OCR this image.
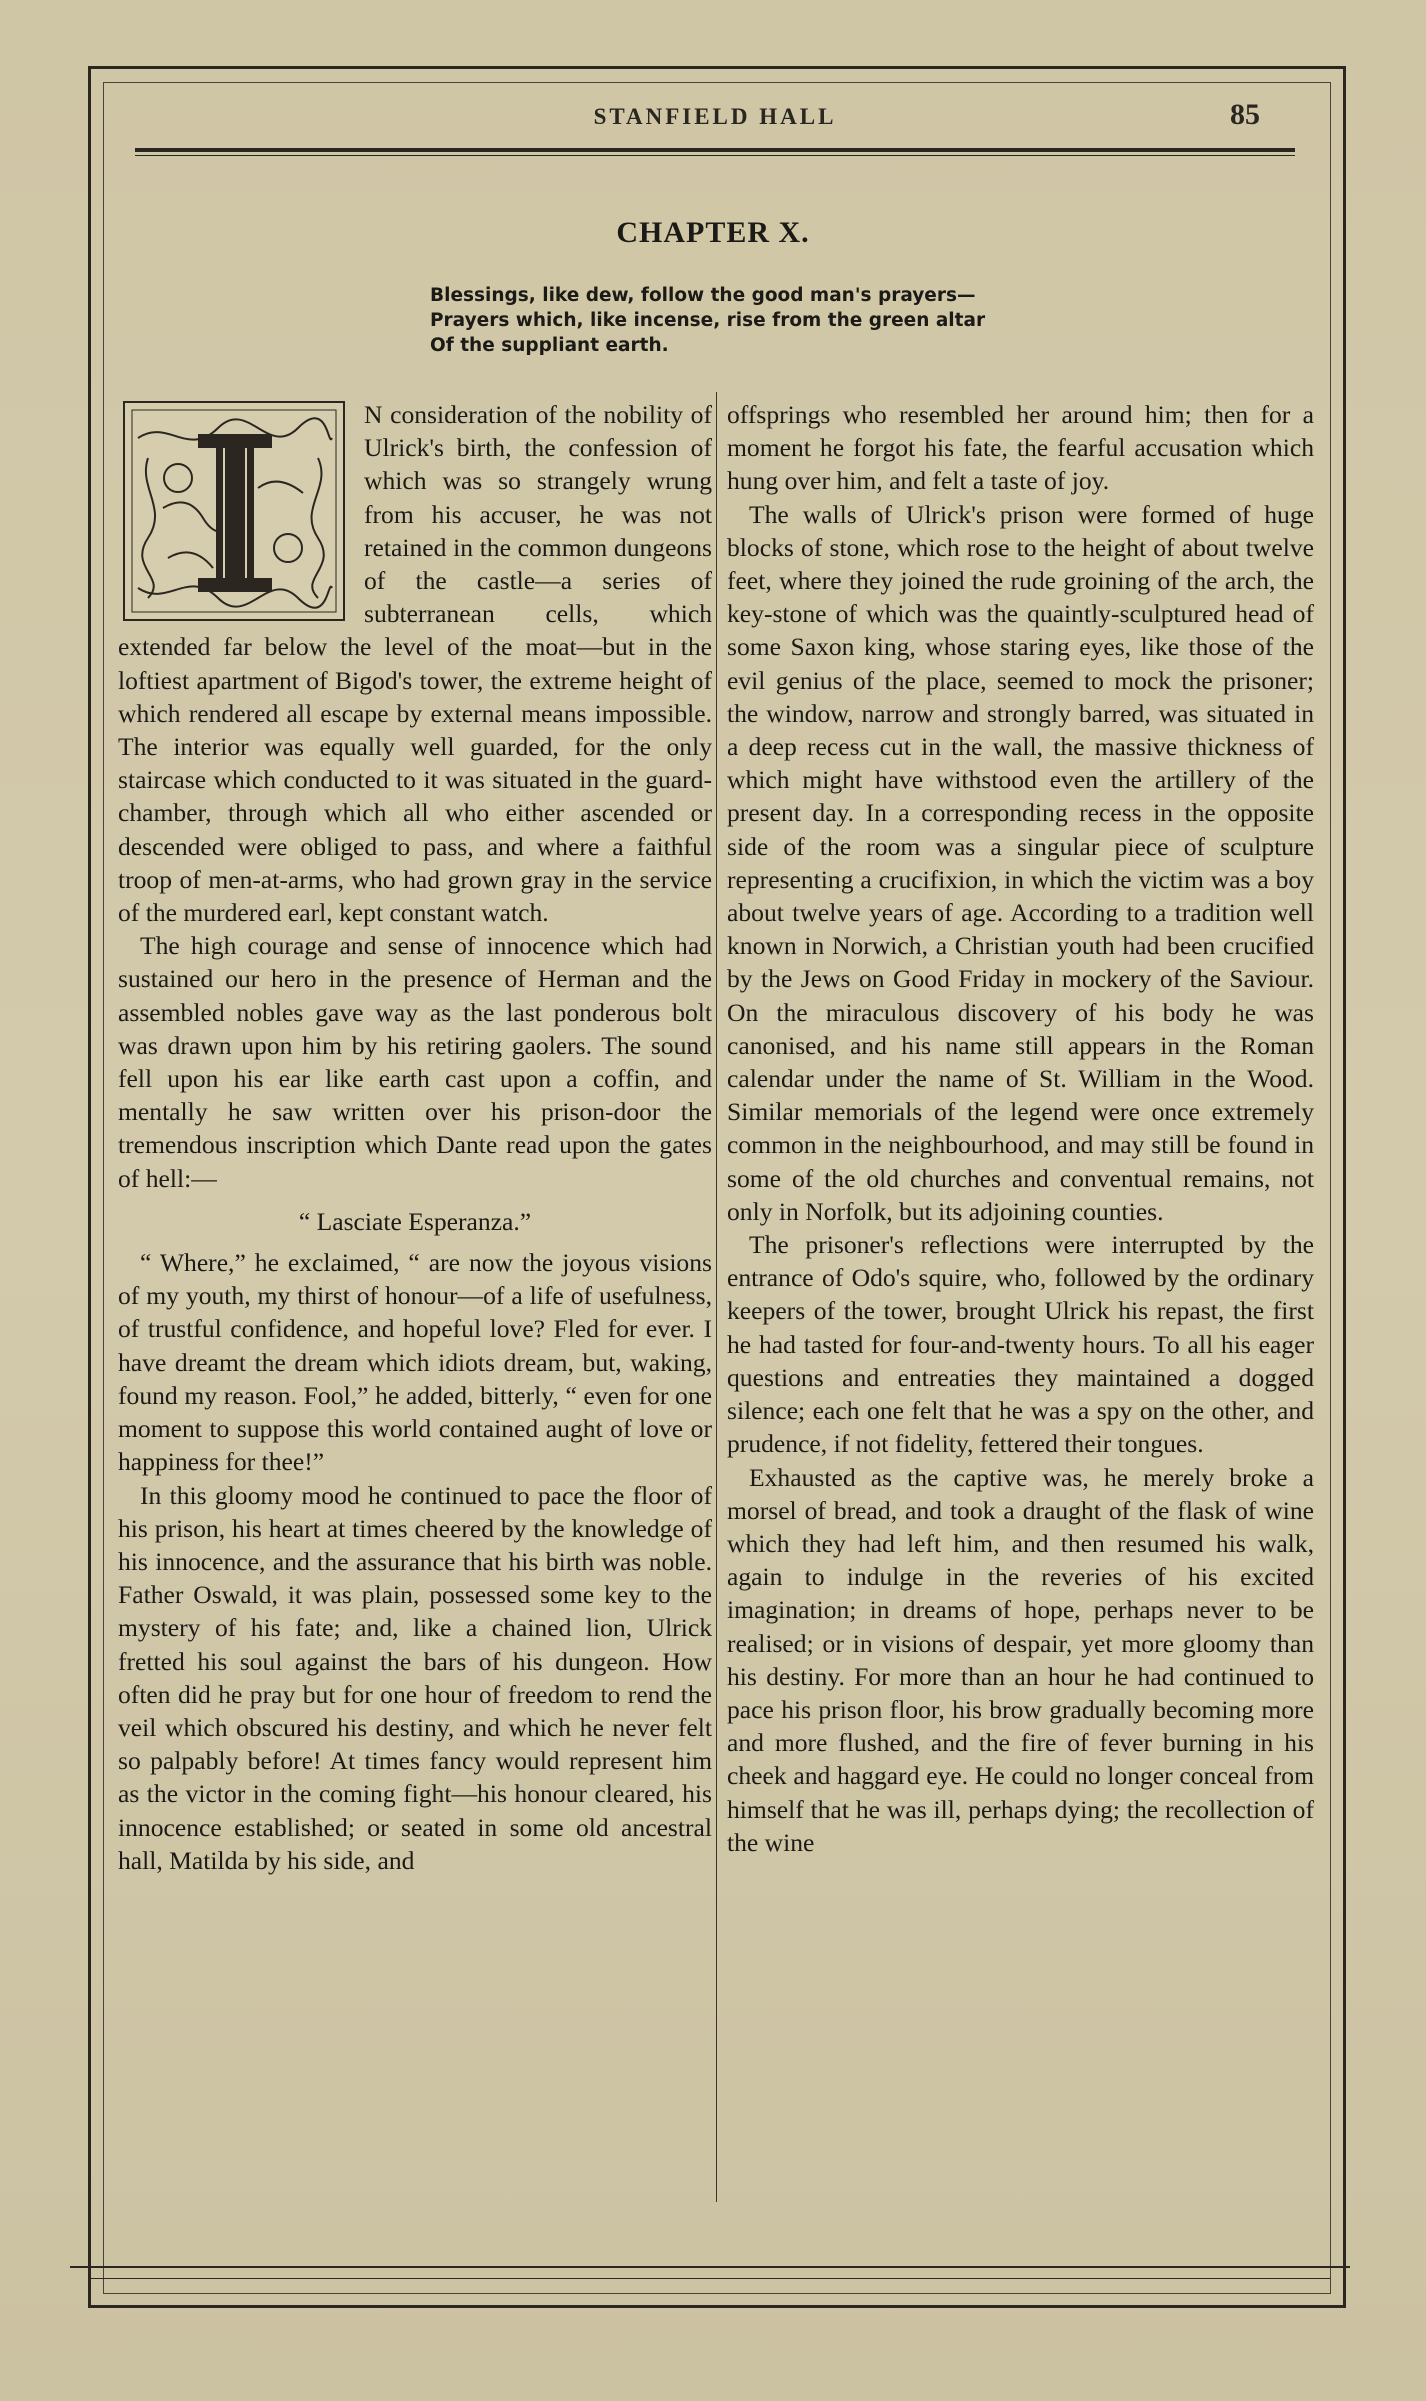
STANFIELD HALL	85
CHAPTER X.
Blessings, like dew, follow the good man's prayers—
Prayers which, like incense, rise from the green altar
Of the suppliant earth.

N consideration of the nobility of Ulrick's birth, the confession of which was so strangely wrung from his accuser, he was not retained in the common dungeons of the castle—a series of subterranean cells, which extended far below the level of the moat—but in the loftiest apartment of Bigod's tower, the extreme height of which rendered all escape by external means impossible. The interior was equally well guarded, for the only staircase which conducted to it was situated in the guard-chamber, through which all who either ascended or descended were obliged to pass, and where a faithful troop of men-at-arms, who had grown gray in the service of the murdered earl, kept constant watch.

The high courage and sense of innocence which had sustained our hero in the presence of Herman and the assembled nobles gave way as the last ponderous bolt was drawn upon him by his retiring gaolers. The sound fell upon his ear like earth cast upon a coffin, and mentally he saw written over his prison-door the tremendous inscription which Dante read upon the gates of hell:—

“ Lasciate Esperanza.”

“ Where,” he exclaimed, “ are now the joyous visions of my youth, my thirst of honour—of a life of usefulness, of trustful confidence, and hopeful love? Fled for ever. I have dreamt the dream which idiots dream, but, waking, found my reason. Fool,” he added, bitterly, “ even for one moment to suppose this world contained aught of love or happiness for thee!”

In this gloomy mood he continued to pace the floor of his prison, his heart at times cheered by the knowledge of his innocence, and the assurance that his birth was noble. Father Oswald, it was plain, possessed some key to the mystery of his fate; and, like a chained lion, Ulrick fretted his soul against the bars of his dungeon. How often did he pray but for one hour of freedom to rend the veil which obscured his destiny, and which he never felt so palpably before! At times fancy would represent him as the victor in the coming fight—his honour cleared, his innocence established; or seated in some old ancestral hall, Matilda by his side, and

offsprings who resembled her around him; then for a moment he forgot his fate, the fearful accusation which hung over him, and felt a taste of joy.

The walls of Ulrick's prison were formed of huge blocks of stone, which rose to the height of about twelve feet, where they joined the rude groining of the arch, the key-stone of which was the quaintly-sculptured head of some Saxon king, whose staring eyes, like those of the evil genius of the place, seemed to mock the prisoner; the window, narrow and strongly barred, was situated in a deep recess cut in the wall, the massive thickness of which might have withstood even the artillery of the present day. In a corresponding recess in the opposite side of the room was a singular piece of sculpture representing a crucifixion, in which the victim was a boy about twelve years of age. According to a tradition well known in Norwich, a Christian youth had been crucified by the Jews on Good Friday in mockery of the Saviour. On the miraculous discovery of his body he was canonised, and his name still appears in the Roman calendar under the name of St. William in the Wood. Similar memorials of the legend were once extremely common in the neighbourhood, and may still be found in some of the old churches and conventual remains, not only in Norfolk, but its adjoining counties.

The prisoner's reflections were interrupted by the entrance of Odo's squire, who, followed by the ordinary keepers of the tower, brought Ulrick his repast, the first he had tasted for four-and-twenty hours. To all his eager questions and entreaties they maintained a dogged silence; each one felt that he was a spy on the other, and prudence, if not fidelity, fettered their tongues.

Exhausted as the captive was, he merely broke a morsel of bread, and took a draught of the flask of wine which they had left him, and then resumed his walk, again to indulge in the reveries of his excited imagination; in dreams of hope, perhaps never to be realised; or in visions of despair, yet more gloomy than his destiny. For more than an hour he had continued to pace his prison floor, his brow gradually becoming more and more flushed, and the fire of fever burning in his cheek and haggard eye. He could no longer conceal from himself that he was ill, perhaps dying; the recollection of the wine
